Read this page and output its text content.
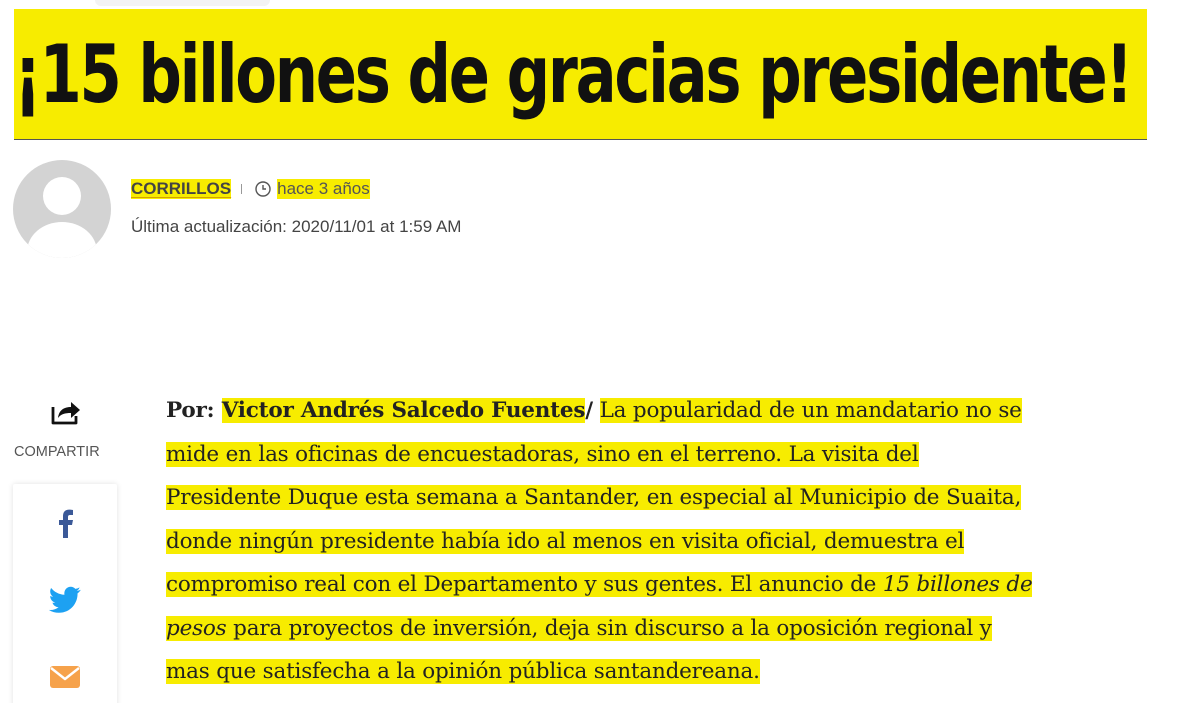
¡15 billones de gracias presidente!
CORRILLOS	hace 3 años
Última actualización: 2020/11/01 at 1:59 AM
COMPARTIR
Por: Victor Andrés Salcedo Fuentes/ La popularidad de un mandatario no se
mide en las oficinas de encuestadoras, sino en el terreno. La visita del
Presidente Duque esta semana a Santander, en especial al Municipio de Suaita,
donde ningún presidente había ido al menos en visita oficial, demuestra el
compromiso real con el Departamento y sus gentes. El anuncio de 15 billones de
pesos para proyectos de inversión, deja sin discurso a la oposición regional y
mas que satisfecha a la opinión pública santandereana.
